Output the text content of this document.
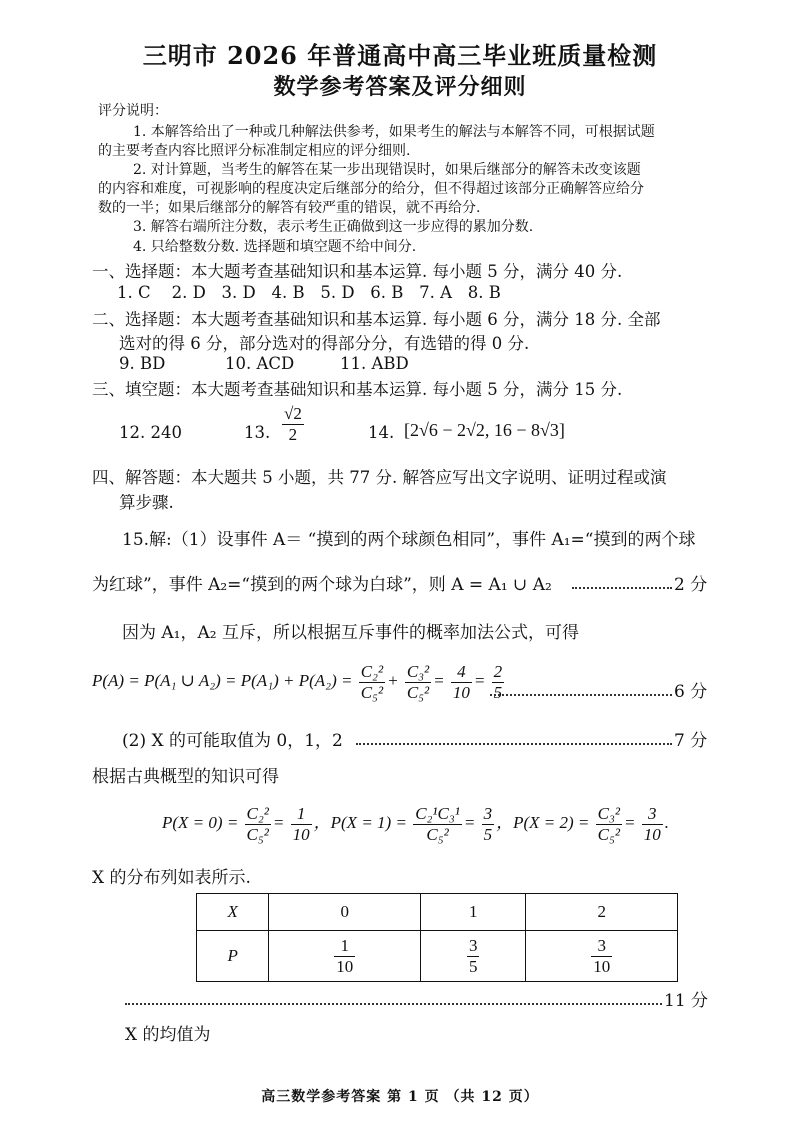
三明市 2026 年普通高中高三毕业班质量检测
数学参考答案及评分细则
评分说明：
1. 本解答给出了一种或几种解法供参考，如果考生的解法与本解答不同，可根据试题
的主要考查内容比照评分标准制定相应的评分细则.
2. 对计算题，当考生的解答在某一步出现错误时，如果后继部分的解答未改变该题
的内容和难度，可视影响的程度决定后继部分的给分，但不得超过该部分正确解答应给分
数的一半；如果后继部分的解答有较严重的错误，就不再给分.
3. 解答右端所注分数，表示考生正确做到这一步应得的累加分数.
4. 只给整数分数. 选择题和填空题不给中间分.
一、选择题：本大题考查基础知识和基本运算. 每小题 5 分，满分 40 分.
1. C    2. D   3. D   4. B   5. D   6. B   7. A   8. B
二、选择题：本大题考查基础知识和基本运算. 每小题 6 分，满分 18 分. 全部
选对的得 6 分，部分选对的得部分分，有选错的得 0 分.
9. BD	10. ACD	11. ABD
三、填空题：本大题考查基础知识和基本运算. 每小题 5 分，满分 15 分.
12. 240	13. $\frac{√2}{2}$	14. [2√6 − 2√2, 16 − 8√3]
四、解答题：本大题共 5 小题，共 77 分. 解答应写出文字说明、证明过程或演
算步骤.
15.解:（1）设事件 A＝ “摸到的两个球颜色相同”，事件 A₁=“摸到的两个球
为红球”，事件 A₂=“摸到的两个球为白球”，则 A = A₁ ∪ A₂	2 分
因为 A₁，A₂ 互斥，所以根据互斥事件的概率加法公式，可得
P(A) = P(A₁ ∪ $A_2) = P(A_1) + P(A_2) = \frac{\text{C₂²}}{\text{C₅²}} + \frac{\text{C₃²}}{\text{C₅²}} = \frac{4}{10} = \frac{2}{5}$	6 分
(2) X 的可能取值为 0，1，2	7 分
根据古典概型的知识可得
$P(X = 0) = \frac{\text{C₂²}}{\text{C₅²}} = \frac{1}{10}$ ，$P(X = 1) = \frac{\text{C₂¹C₃¹}}{\text{C₅²}} = \frac{3}{5}$ ，$P(X = 2) = \frac{\text{C₃²}}{\text{C₅²}} = \frac{3}{10}$ .
X 的分布列如表所示.
X	0	1	2
P	$\frac{1}{10}$	$\frac{3}{5}$	$\frac{3}{10}$
11 分
X 的均值为
高三数学参考答案 第 1 页 （共 12 页）
